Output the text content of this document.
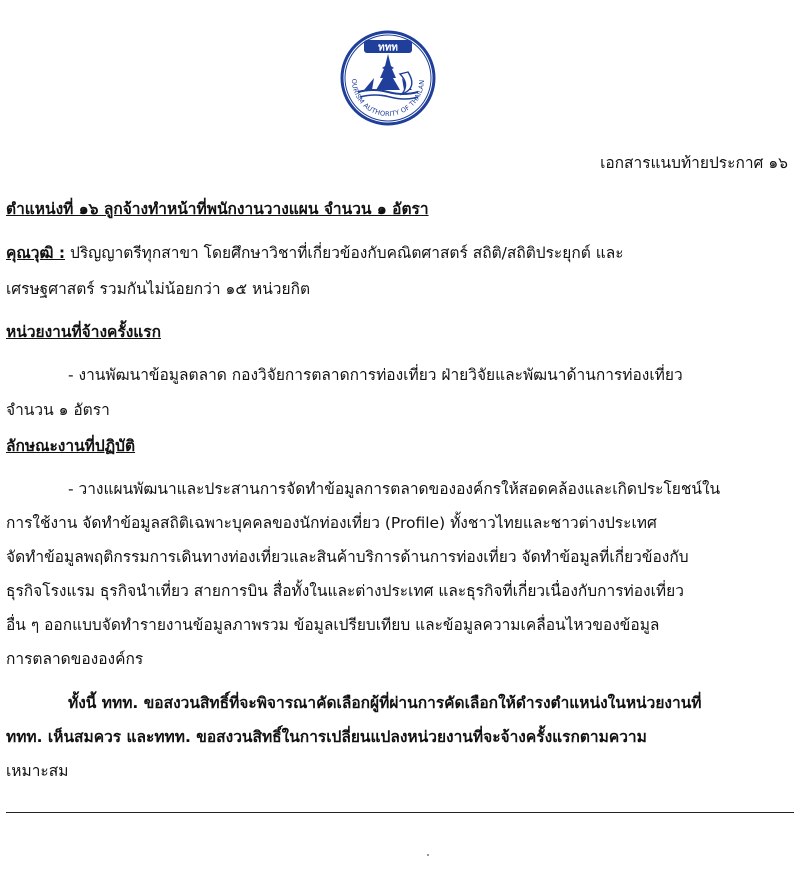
ททท
OURISM AUTHORITY OF THAILAN
เอกสารแนบท้ายประกาศ ๑๖
ตำแหน่งที่ ๑๖ ลูกจ้างทำหน้าที่พนักงานวางแผน จำนวน ๑ อัตรา
คุณวุฒิ : ปริญญาตรีทุกสาขา โดยศึกษาวิชาที่เกี่ยวข้องกับคณิตศาสตร์ สถิติ/สถิติประยุกต์ และ
เศรษฐศาสตร์ รวมกันไม่น้อยกว่า ๑๕ หน่วยกิต
หน่วยงานที่จ้างครั้งแรก
- งานพัฒนาข้อมูลตลาด กองวิจัยการตลาดการท่องเที่ยว ฝ่ายวิจัยและพัฒนาด้านการท่องเที่ยว
จำนวน ๑ อัตรา
ลักษณะงานที่ปฏิบัติ
- วางแผนพัฒนาและประสานการจัดทำข้อมูลการตลาดขององค์กรให้สอดคล้องและเกิดประโยชน์ใน
การใช้งาน จัดทำข้อมูลสถิติเฉพาะบุคคลของนักท่องเที่ยว (Profile) ทั้งชาวไทยและชาวต่างประเทศ
จัดทำข้อมูลพฤติกรรมการเดินทางท่องเที่ยวและสินค้าบริการด้านการท่องเที่ยว จัดทำข้อมูลที่เกี่ยวข้องกับ
ธุรกิจโรงแรม ธุรกิจนำเที่ยว สายการบิน สื่อทั้งในและต่างประเทศ และธุรกิจที่เกี่ยวเนื่องกับการท่องเที่ยว
อื่น ๆ ออกแบบจัดทำรายงานข้อมูลภาพรวม ข้อมูลเปรียบเทียบ และข้อมูลความเคลื่อนไหวของข้อมูล
การตลาดขององค์กร
ทั้งนี้ ททท. ขอสงวนสิทธิ์ที่จะพิจารณาคัดเลือกผู้ที่ผ่านการคัดเลือกให้ดำรงตำแหน่งในหน่วยงานที่
ททท. เห็นสมควร และททท. ขอสงวนสิทธิ์ในการเปลี่ยนแปลงหน่วยงานที่จะจ้างครั้งแรกตามความ
เหมาะสม
